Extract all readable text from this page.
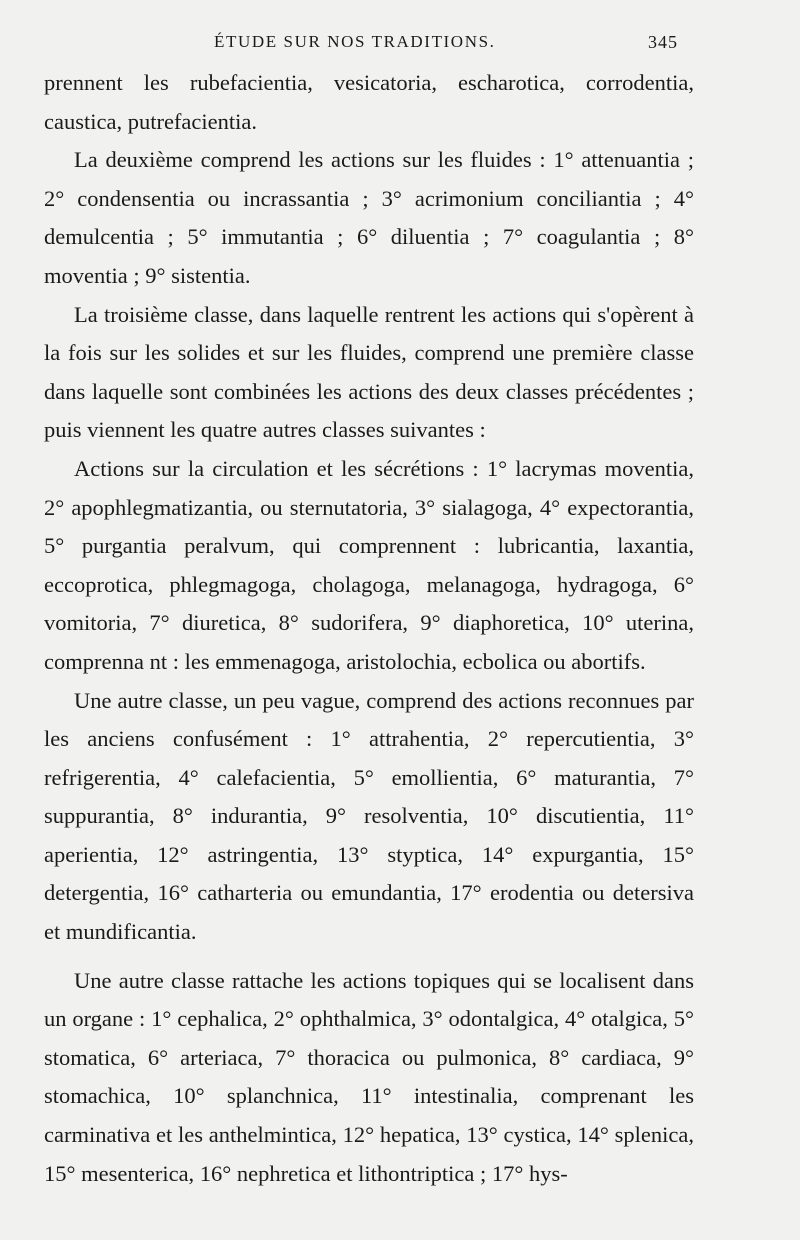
ÉTUDE SUR NOS TRADITIONS.	345

prennent les rubefacientia, vesicatoria, escharotica, corrodentia, caustica, putrefacientia.

La deuxième comprend les actions sur les fluides : 1° attenuantia ; 2° condensentia ou incrassantia ; 3° acrimonium conciliantia ; 4° demulcentia ; 5° immutantia ; 6° diluentia ; 7° coagulantia ; 8° moventia ; 9° sistentia.

La troisième classe, dans laquelle rentrent les actions qui s'opèrent à la fois sur les solides et sur les fluides, comprend une première classe dans laquelle sont combinées les actions des deux classes précédentes ; puis viennent les quatre autres classes suivantes :

Actions sur la circulation et les sécrétions : 1° lacrymas moventia, 2° apophlegmatizantia, ou sternutatoria, 3° sialagoga, 4° expectorantia, 5° purgantia peralvum, qui comprennent : lubricantia, laxantia, eccoprotica, phlegmagoga, cholagoga, melanagoga, hydragoga, 6° vomitoria, 7° diuretica, 8° sudorifera, 9° diaphoretica, 10° uterina, comprenna nt : les emmenagoga, aristolochia, ecbolica ou abortifs.

Une autre classe, un peu vague, comprend des actions reconnues par les anciens confusément : 1° attrahentia, 2° repercutientia, 3° refrigerentia, 4° calefacientia, 5° emollientia, 6° maturantia, 7° suppurantia, 8° indurantia, 9° resolventia, 10° discutientia, 11° aperientia, 12° astringentia, 13° styptica, 14° expurgantia, 15° detergentia, 16° catharteria ou emundantia, 17° erodentia ou detersiva et mundificantia.

Une autre classe rattache les actions topiques qui se localisent dans un organe : 1° cephalica, 2° ophthalmica, 3° odontalgica, 4° otalgica, 5° stomatica, 6° arteriaca, 7° thoracica ou pulmonica, 8° cardiaca, 9° stomachica, 10° splanchnica, 11° intestinalia, comprenant les carminativa et les anthelmintica, 12° hepatica, 13° cystica, 14° splenica, 15° mesenterica, 16° nephretica et lithontriptica ; 17° hys-
